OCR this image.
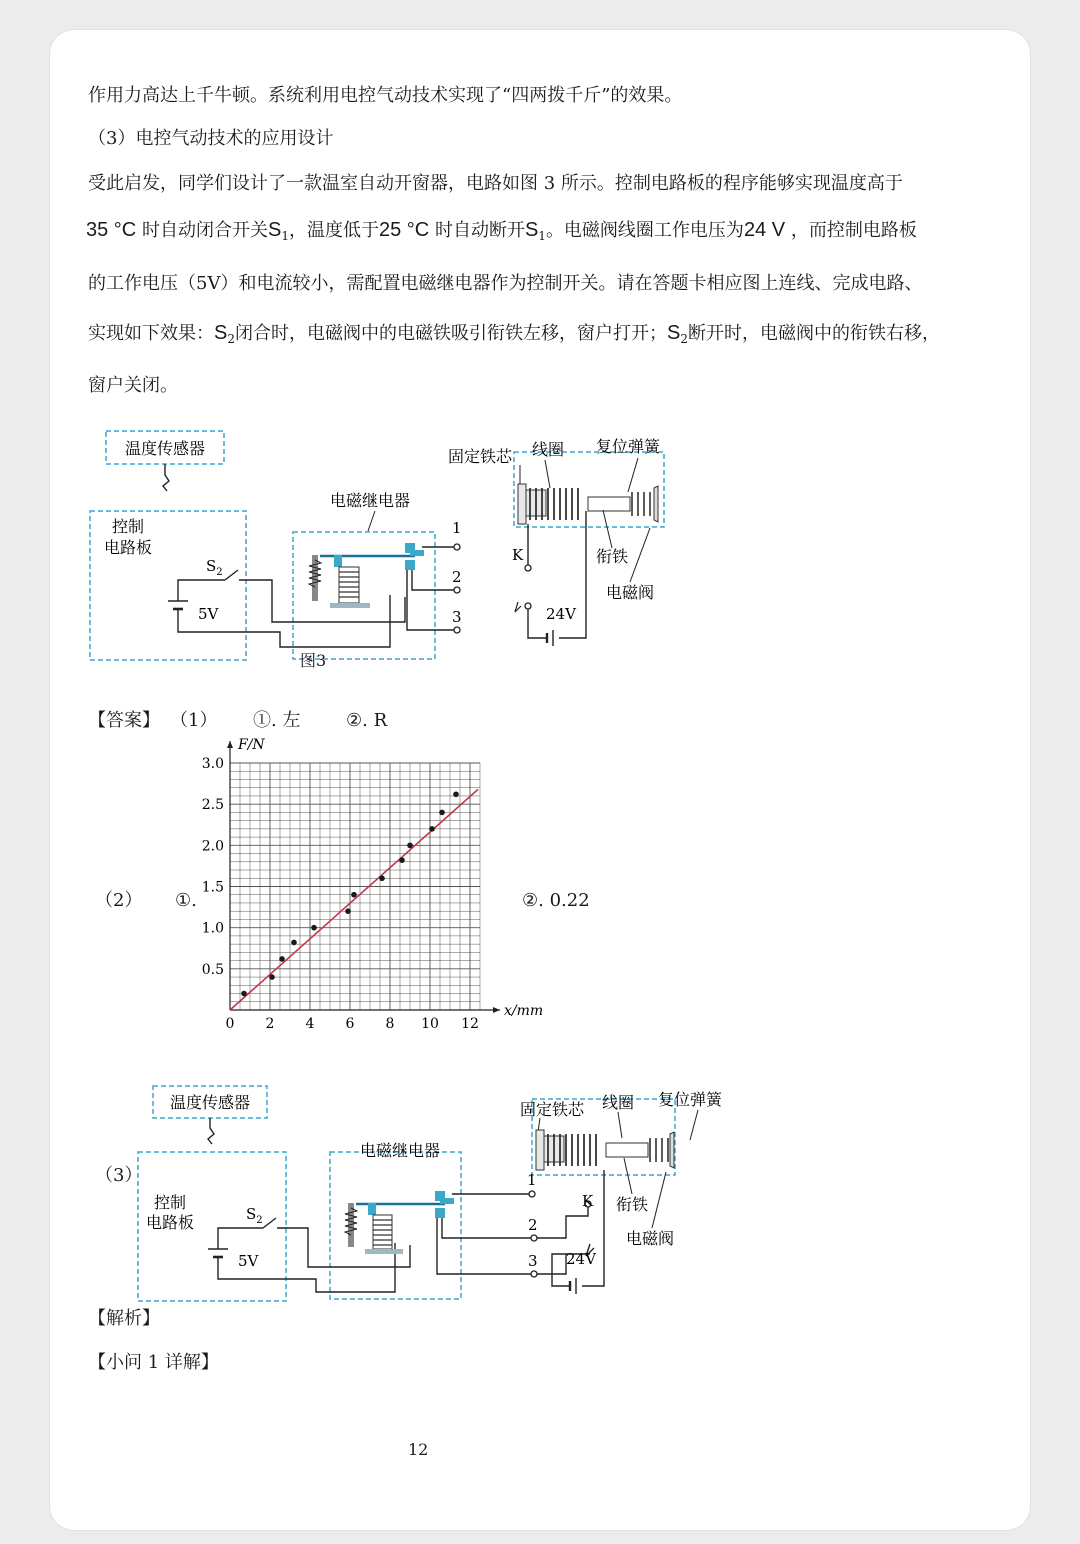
作用力高达上千牛顿。系统利用电控气动技术实现了“四两拨千斤”的效果。
（3）电控气动技术的应用设计
受此启发，同学们设计了一款温室自动开窗器，电路如图 3 所示。控制电路板的程序能够实现温度高于
35 °C 时自动闭合开关$S_1$，温度低于25 °C 时自动断开$S_1$。电磁阀线圈工作电压为24 V ，而控制电路板
的工作电压（5V）和电流较小，需配置电磁继电器作为控制开关。请在答题卡相应图上连线、完成电路、
实现如下效果：$S_2$闭合时，电磁阀中的电磁铁吸引衔铁左移，窗户打开；$S_2$断开时，电磁阀中的衔铁右移，
窗户关闭。
温度传感器
控制
电路板
$S_2$
5V
电磁继电器
1
2
3
固定铁芯 线圈 复位弹簧
K
24V
衔铁
电磁阀
图3
【答案】 （1） ①. 左	②. R
0 2 4 6 8 10 12
0.5
1.0
1.5
2.0
2.5
3.0
F/N
x/mm
（2） ①.	②. 0.22
（3）
温度传感器
控制
电路板	$S_2$
5V
电磁继电器
1
2
3
K
24V
固定铁芯 线圈 复位弹簧
衔铁
电磁阀
【解析】
【小问 1 详解】
12
